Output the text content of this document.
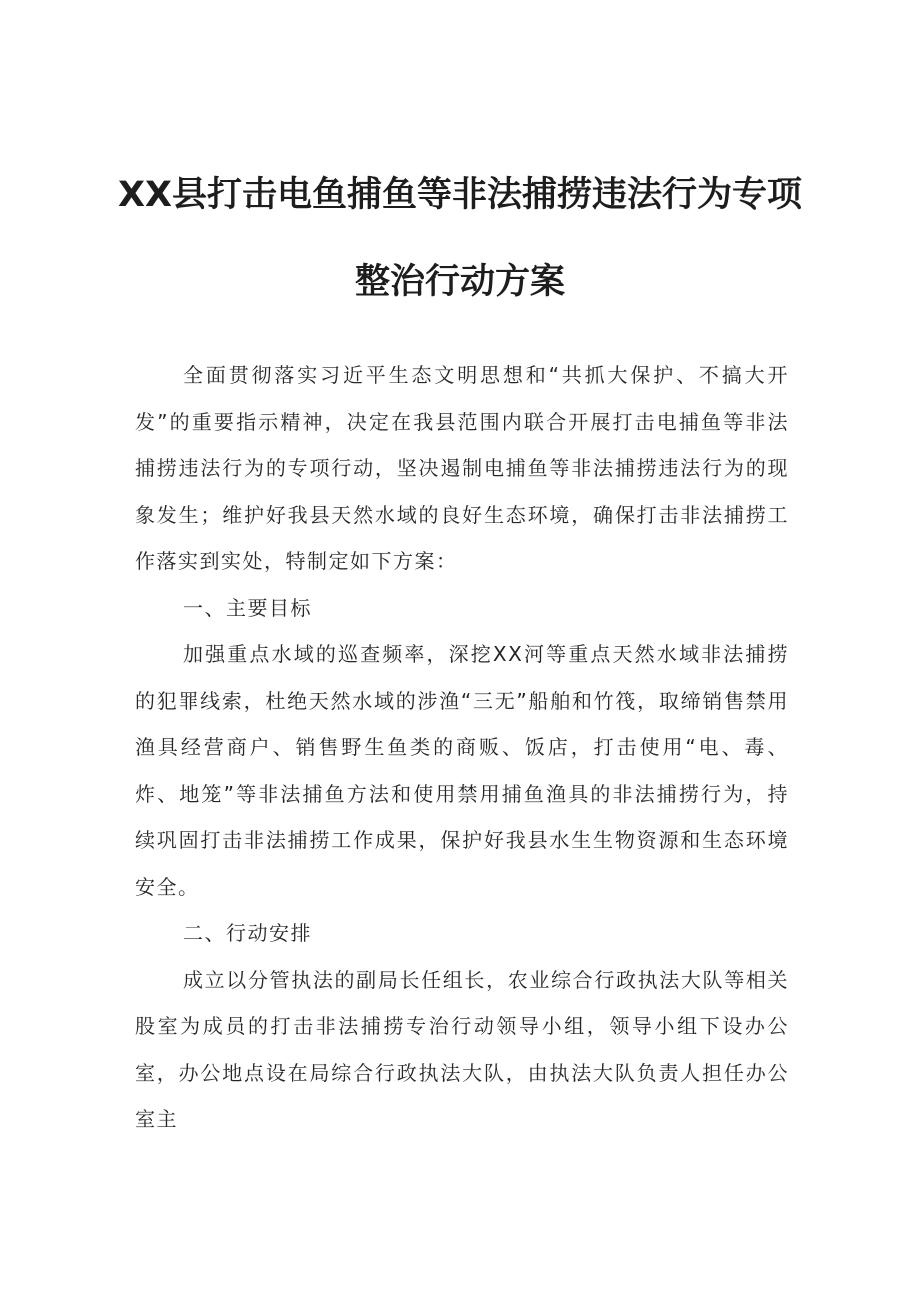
XX县打击电鱼捕鱼等非法捕捞违法行为专项
整治行动方案

全面贯彻落实习近平生态文明思想和“共抓大保护、不搞大开发”的重要指示精神，决定在我县范围内联合开展打击电捕鱼等非法捕捞违法行为的专项行动，坚决遏制电捕鱼等非法捕捞违法行为的现象发生；维护好我县天然水域的良好生态环境，确保打击非法捕捞工作落实到实处，特制定如下方案：

一、主要目标

加强重点水域的巡查频率，深挖XX河等重点天然水域非法捕捞的犯罪线索，杜绝天然水域的涉渔“三无”船舶和竹筏，取缔销售禁用渔具经营商户、销售野生鱼类的商贩、饭店，打击使用“电、毒、炸、地笼”等非法捕鱼方法和使用禁用捕鱼渔具的非法捕捞行为，持续巩固打击非法捕捞工作成果，保护好我县水生生物资源和生态环境安全。

二、行动安排

成立以分管执法的副局长任组长，农业综合行政执法大队等相关股室为成员的打击非法捕捞专治行动领导小组，领导小组下设办公室，办公地点设在局综合行政执法大队，由执法大队负责人担任办公室主
